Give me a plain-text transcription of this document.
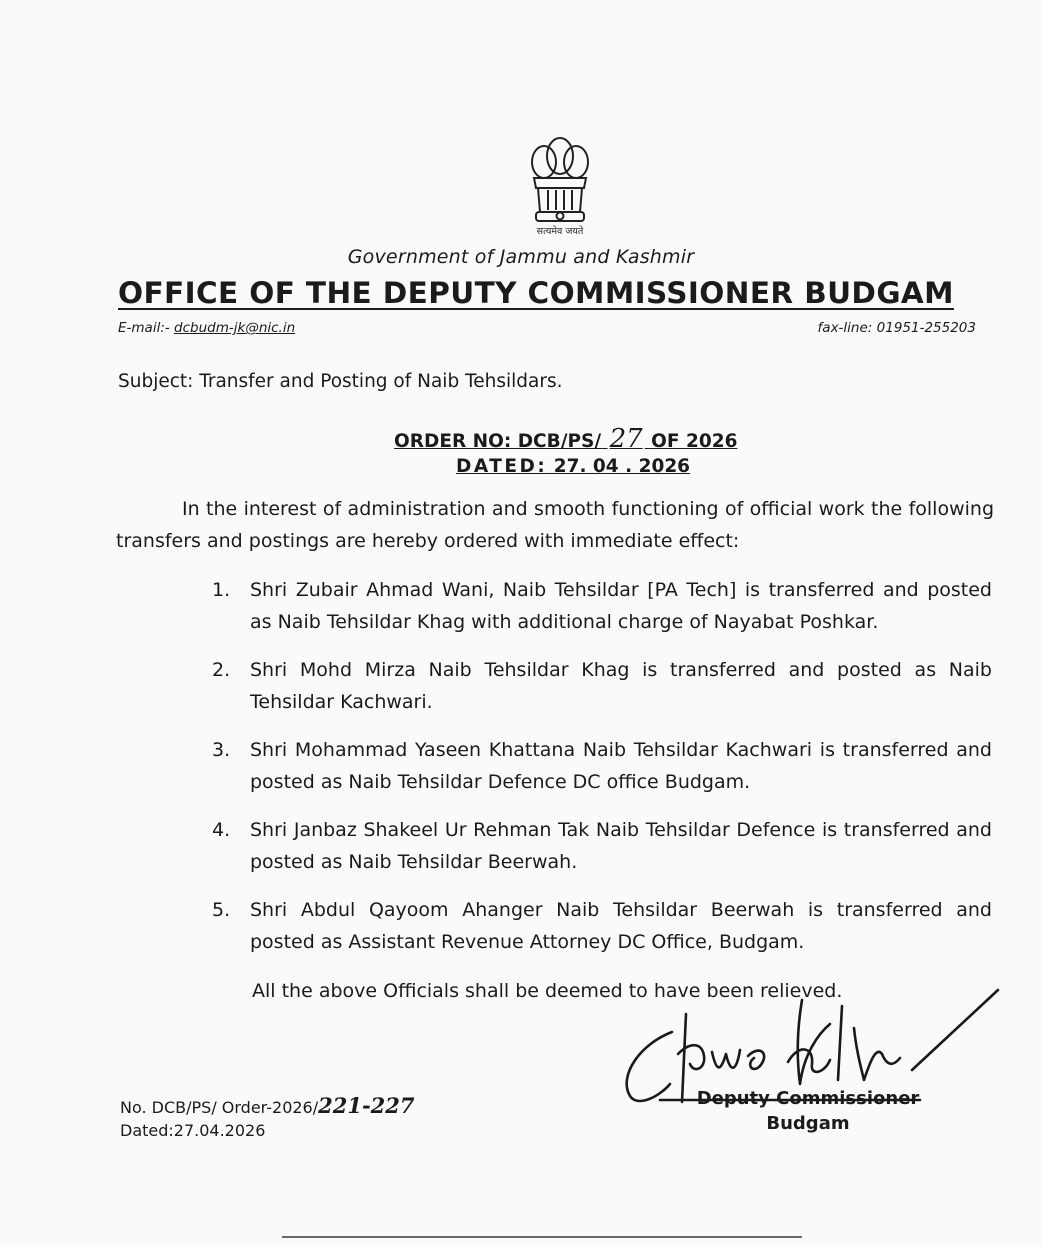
सत्यमेव जयते
Government of Jammu and Kashmir
OFFICE OF THE DEPUTY COMMISSIONER BUDGAM
E-mail:- dcbudm-jk@nic.in	fax-line: 01951-255203
Subject: Transfer and Posting of Naib Tehsildars.
ORDER NO: DCB/PS/ 27 OF 2026
DATED: 27. 04 . 2026
In the interest of administration and smooth functioning of official work the following transfers and postings are hereby ordered with immediate effect:
1. Shri Zubair Ahmad Wani, Naib Tehsildar [PA Tech] is transferred and posted as Naib Tehsildar Khag with additional charge of Nayabat Poshkar.
2. Shri Mohd Mirza Naib Tehsildar Khag is transferred and posted as Naib Tehsildar Kachwari.
3. Shri Mohammad Yaseen Khattana Naib Tehsildar Kachwari is transferred and posted as Naib Tehsildar Defence DC office Budgam.
4. Shri Janbaz Shakeel Ur Rehman Tak Naib Tehsildar Defence is transferred and posted as Naib Tehsildar Beerwah.
5. Shri Abdul Qayoom Ahanger Naib Tehsildar Beerwah is transferred and posted as Assistant Revenue Attorney DC Office, Budgam.
All the above Officials shall be deemed to have been relieved.
Deputy Commissioner
Budgam
No. DCB/PS/ Order-2026/221-227
Dated:27.04.2026
